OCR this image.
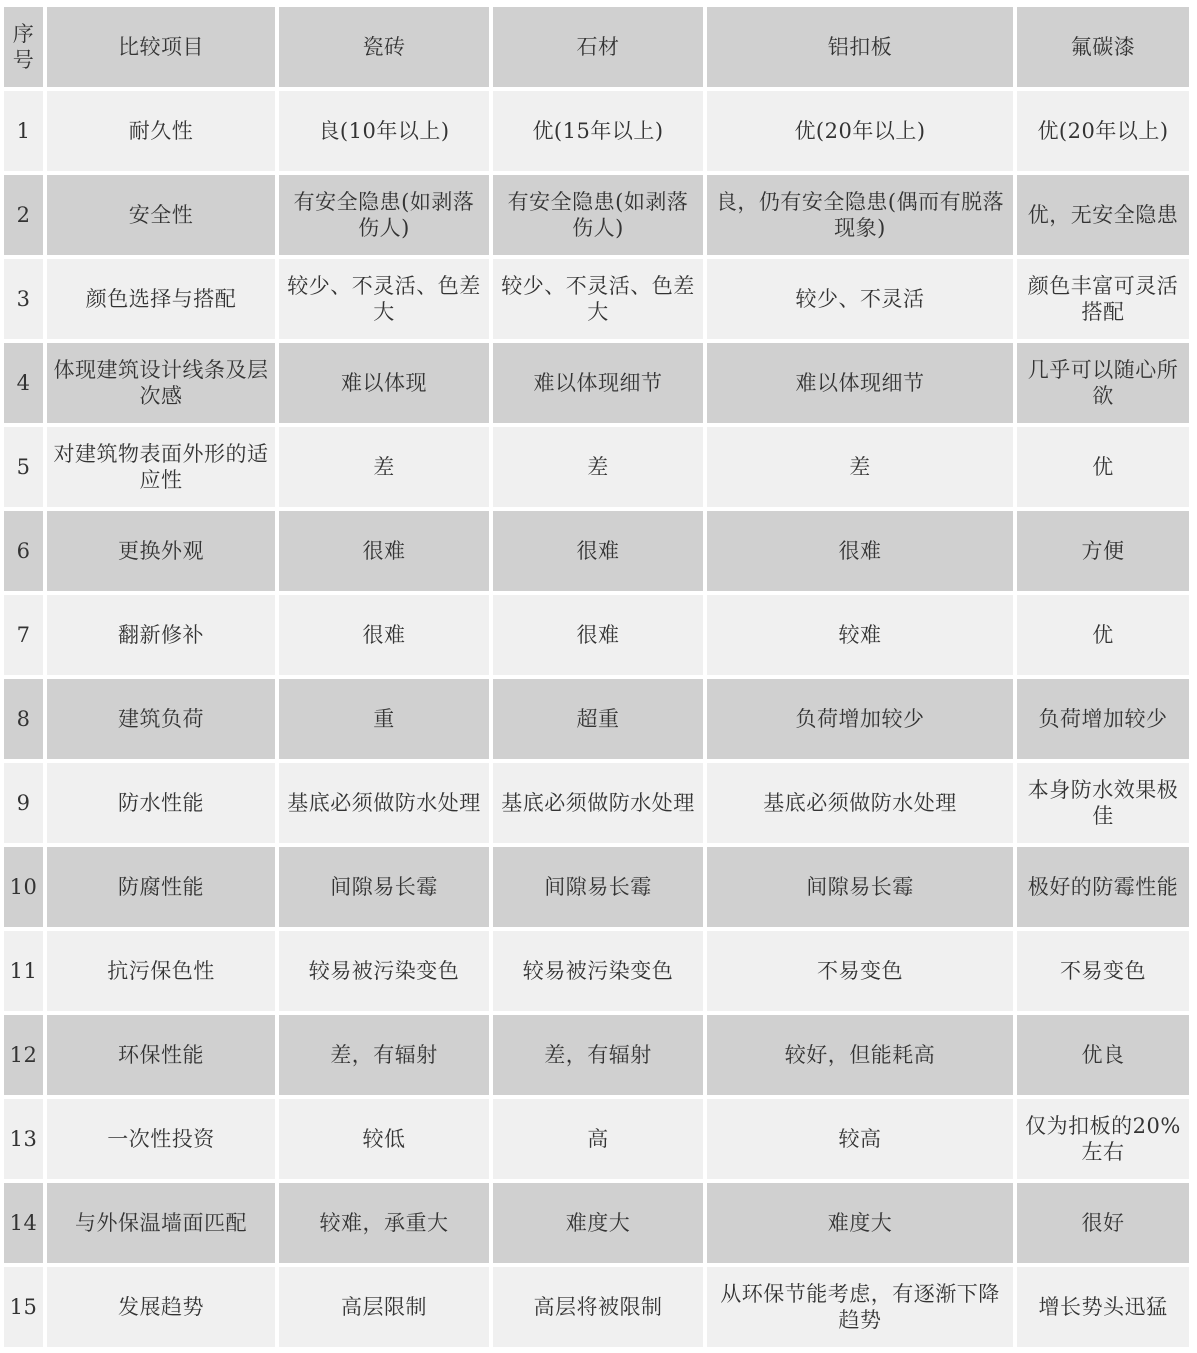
序号	比较项目	瓷砖	石材	铝扣板	氟碳漆
1	耐久性	良(10年以上)	优(15年以上)	优(20年以上)	优(20年以上)
2	安全性	有安全隐患(如剥落伤人)	有安全隐患(如剥落伤人)	良，仍有安全隐患(偶而有脱落现象)	优，无安全隐患
3	颜色选择与搭配	较少、不灵活、色差大	较少、不灵活、色差大	较少、不灵活	颜色丰富可灵活搭配
4	体现建筑设计线条及层次感	难以体现	难以体现细节	难以体现细节	几乎可以随心所欲
5	对建筑物表面外形的适应性	差	差	差	优
6	更换外观	很难	很难	很难	方便
7	翻新修补	很难	很难	较难	优
8	建筑负荷	重	超重	负荷增加较少	负荷增加较少
9	防水性能	基底必须做防水处理	基底必须做防水处理	基底必须做防水处理	本身防水效果极佳
10	防腐性能	间隙易长霉	间隙易长霉	间隙易长霉	极好的防霉性能
11	抗污保色性	较易被污染变色	较易被污染变色	不易变色	不易变色
12	环保性能	差，有辐射	差，有辐射	较好，但能耗高	优良
13	一次性投资	较低	高	较高	仅为扣板的20%左右
14	与外保温墙面匹配	较难，承重大	难度大	难度大	很好
15	发展趋势	高层限制	高层将被限制	从环保节能考虑，有逐渐下降趋势	增长势头迅猛
